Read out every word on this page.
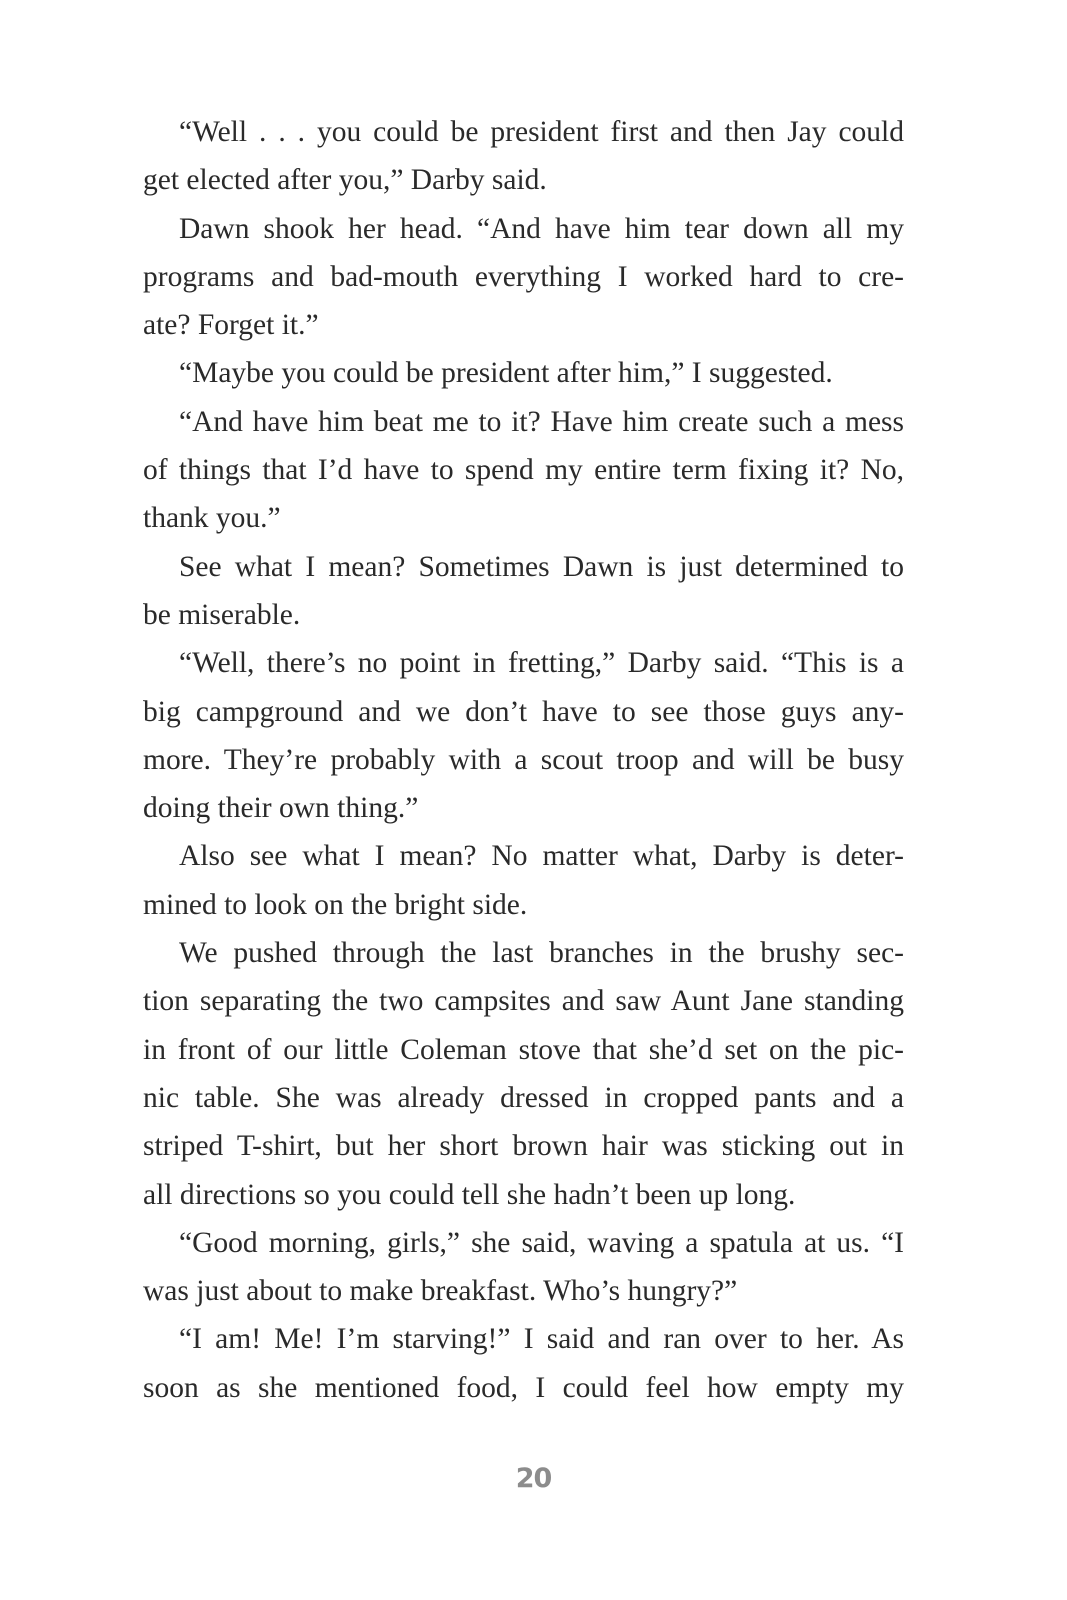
“Well . . . you could be president first and then Jay could
get elected after you,” Darby said.
Dawn shook her head. “And have him tear down all my
programs and bad-mouth everything I worked hard to cre-
ate? Forget it.”
“Maybe you could be president after him,” I suggested.
“And have him beat me to it? Have him create such a mess
of things that I’d have to spend my entire term fixing it? No,
thank you.”
See what I mean? Sometimes Dawn is just determined to
be miserable.
“Well, there’s no point in fretting,” Darby said. “This is a
big campground and we don’t have to see those guys any-
more. They’re probably with a scout troop and will be busy
doing their own thing.”
Also see what I mean? No matter what, Darby is deter-
mined to look on the bright side.
We pushed through the last branches in the brushy sec-
tion separating the two campsites and saw Aunt Jane standing
in front of our little Coleman stove that she’d set on the pic-
nic table. She was already dressed in cropped pants and a
striped T-shirt, but her short brown hair was sticking out in
all directions so you could tell she hadn’t been up long.
“Good morning, girls,” she said, waving a spatula at us. “I
was just about to make breakfast. Who’s hungry?”
“I am! Me! I’m starving!” I said and ran over to her. As
soon as she mentioned food, I could feel how empty my
20
